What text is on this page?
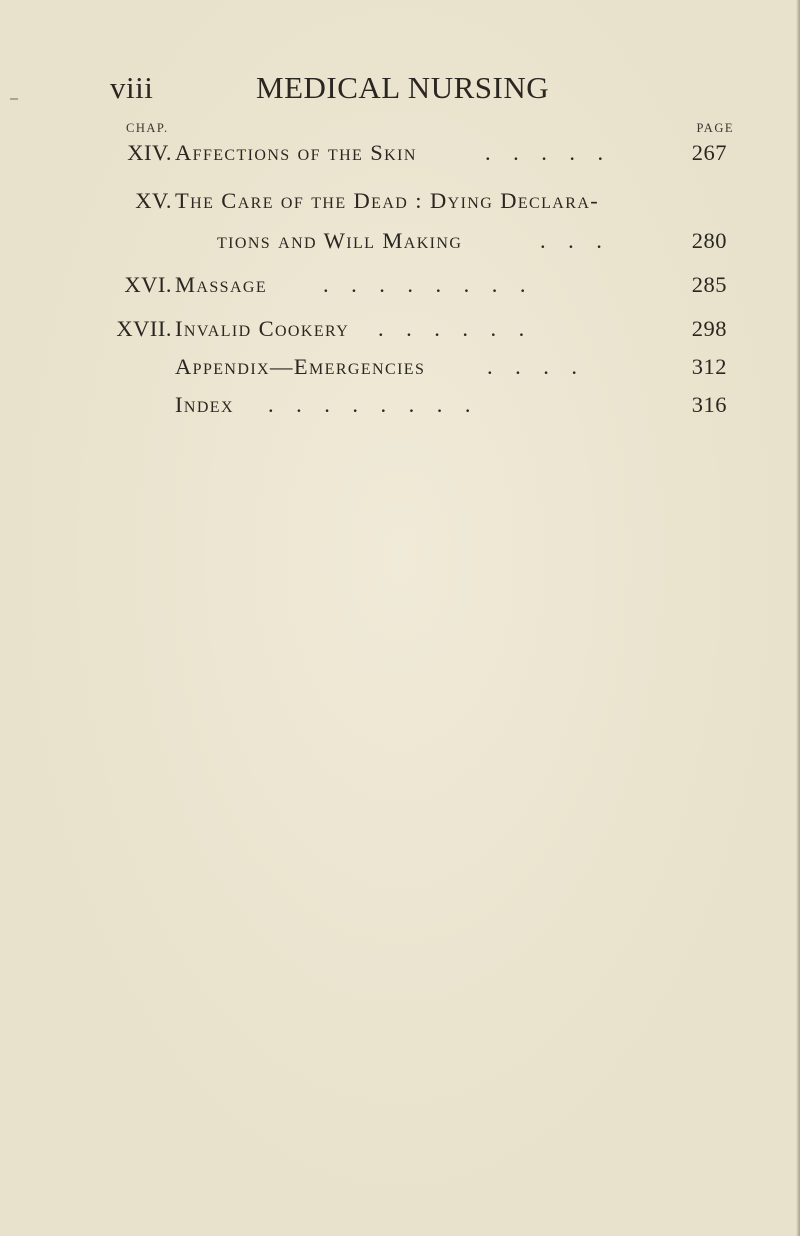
viii	MEDICAL NURSING
CHAP.	PAGE
XIV. Affections of the Skin	.    .    .    .    .	267
XV. The Care of the Dead : Dying Declara-
tions and Will Making	.    .    .	280
XVI. Massage .    .    .    .    .    .    .    .	285
XVII. Invalid Cookery .    .    .    .    .    .	298
Appendix—Emergencies	.    .    .    .	312
Index .    .    .    .    .    .    .    .	316
